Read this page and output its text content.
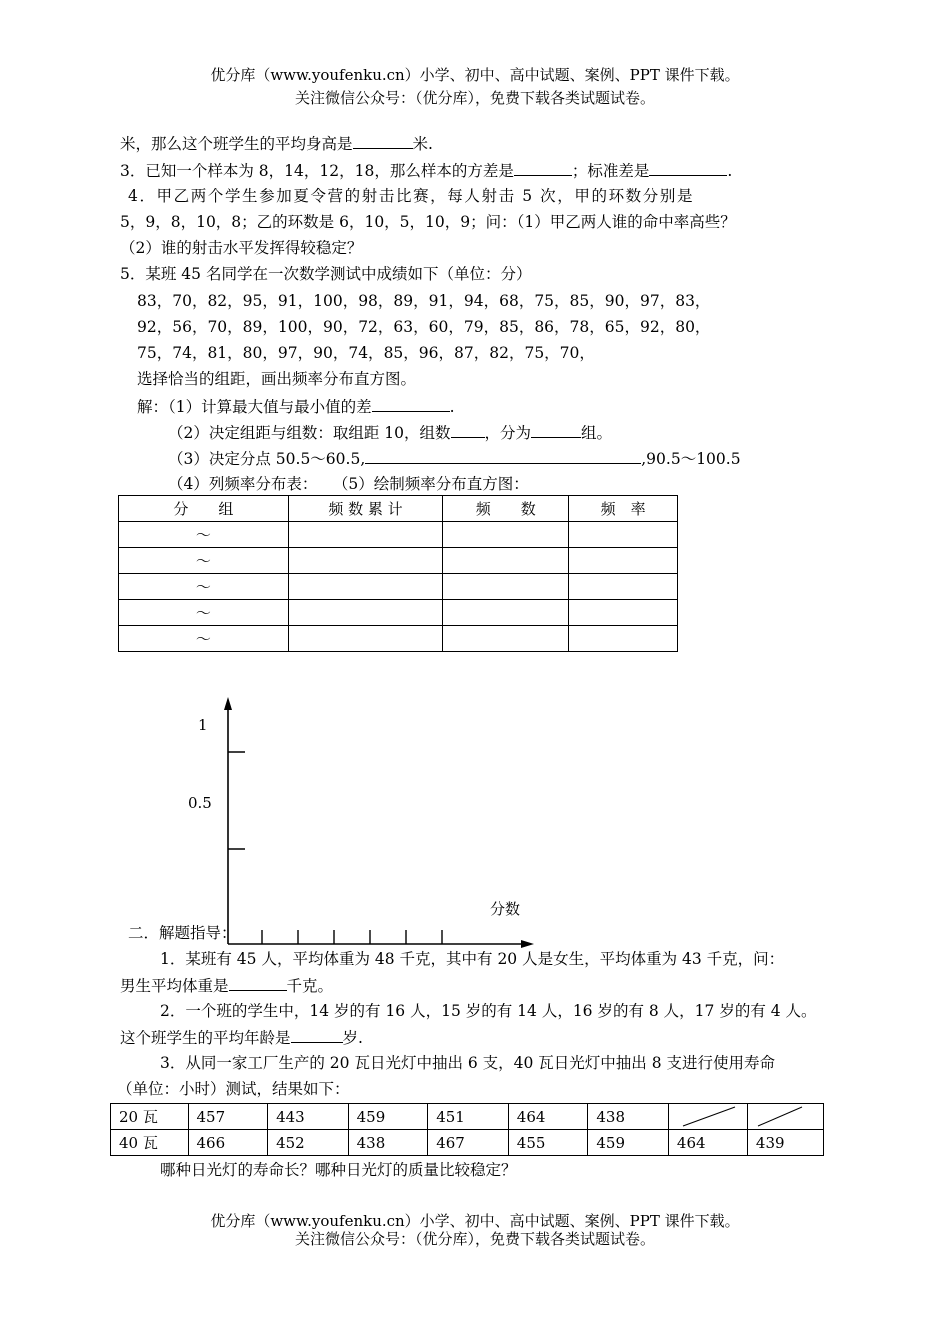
优分库（www.youfenku.cn）小学、初中、高中试题、案例、PPT 课件下载。
关注微信公众号：（优分库），免费下载各类试题试卷。
米，那么这个班学生的平均身高是	米.
3．已知一个样本为 8，14，12，18，那么样本的方差是	；标准差是	.
4．甲乙两个学生参加夏令营的射击比赛，每人射击 5 次，甲的环数分别是
5，9，8，10，8；乙的环数是 6，10，5，10，9；问：（1）甲乙两人谁的命中率高些？
（2）谁的射击水平发挥得较稳定？
5．某班 45 名同学在一次数学测试中成绩如下（单位：分）
83，70，82，95，91，100，98，89，91，94，68，75，85，90，97，83，
92，56，70，89，100，90，72，63，60，79，85，86，78，65，92，80，
75，74，81，80，97，90，74，85，96，87，82，75，70，
选择恰当的组距，画出频率分布直方图。
解：（1）计算最大值与最小值的差	.
（2）决定组距与组数：取组距 10，组数 ，分为	组。
（3）决定分点 50.5～60.5,	,90.5～100.5
（4）列频率分布表：　　（5）绘制频率分布直方图：
分　　组	频 数 累 计	频　　数	频　率
～			
～			
～			
～			
～			
1
0.5
分数
二．解题指导：
1．某班有 45 人，平均体重为 48 千克，其中有 20 人是女生，平均体重为 43 千克，问：
男生平均体重是	千克。
2．一个班的学生中，14 岁的有 16 人，15 岁的有 14 人，16 岁的有 8 人，17 岁的有 4 人。
这个班学生的平均年龄是	岁.
3．从同一家工厂生产的 20 瓦日光灯中抽出 6 支，40 瓦日光灯中抽出 8 支进行使用寿命
（单位：小时）测试，结果如下：
20 瓦	457	443	459	451	464	438	

40 瓦	466	452	438	467	455	459	464	439
哪种日光灯的寿命长？哪种日光灯的质量比较稳定？
优分库（www.youfenku.cn）小学、初中、高中试题、案例、PPT 课件下载。
关注微信公众号：（优分库），免费下载各类试题试卷。
